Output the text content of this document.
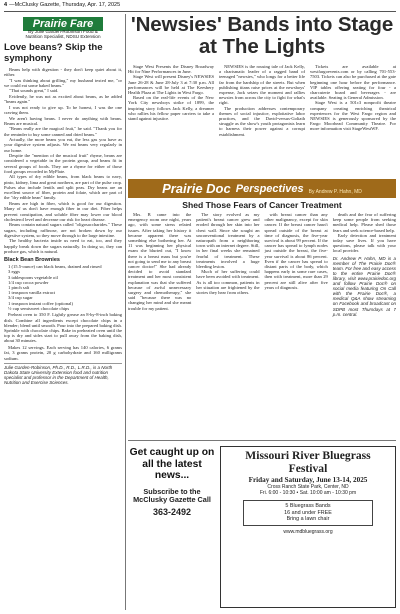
4 —McClusky Gazette, Thursday, Apr. 17, 2025
Prairie Fare
By Julie Garden-Robinson Food &
Nutrition Specialist, NDSU Extension
Love beans? Skip the symphony

Beans help with digestion - they don't keep quiet about it, either.

"I was thinking about grilling," my husband texted me, "or we could eat some baked beans."

"That sounds great," I said.

Evidently, he was not as excited about beans, as he added "beans again."

I was not ready to give up. To be honest, I was the one craving them.

We aren't having beans. I never do anything with beans. Beans are musical.

"Beans really are the magical fruit," he said. "Thank you for the reminder to buy some canned and dried beans."

Actually, the more beans you eat, the less gas you have as your digestive system adjusts. We eat beans very regularly in our home.

Despite the "mention of the musical fruit" rhyme, beans are considered a vegetable in the protein group, and beans fit in several groups of foods. They are a rhyme for either of those food groups recorded in MyPlate.

All types of dry edible beans, from black beans to navy, pinto, kidney, lima and great northern, are part of the pulse crop. Pulses also include lentils and split peas. Dry beans are an excellent source of fiber, protein and folate, which are part of the "dry edible bean" family.

Beans are high in fiber, which is good for our digestion. Many of us don't have enough fiber in our diet. Fiber helps prevent constipation, and soluble fiber may lower our blood cholesterol level and decrease our risk for heart disease.

Beans contain natural sugars called "oligosaccharides." These sugars, including raffinose, are not broken down by our digestive system, so they move through to the large intestine.

The healthy bacteria inside us need to eat, too, and they happily break down the sugars naturally. In doing so, they can produce gas, which is natural.

Black Bean Brownies
1 (15.5-ounce) can black beans, drained and rinsed
3 eggs
3 tablespoons vegetable oil
1/4 cup cocoa powder
1 pinch salt
1 teaspoon vanilla extract
3/4 cup sugar
1 teaspoon instant coffee (optional)
½ cup semisweet chocolate chips
Preheat oven to 350 F. Lightly grease an 8-by-8-inch baking dish. Combine all ingredients except chocolate chips in a blender; blend until smooth. Pour into the prepared baking dish. Sprinkle with chocolate chips. Bake in preheated oven until the top is dry and sides start to pull away from the baking dish, about 30 minutes.
Makes 12 servings. Each serving has 140 calories, 6 grams fat, 3 grams protein, 20 g carbohydrate and 160 milligrams sodium.
Julie Garden-Robinson, Ph.D., R.D., L.R.D., is a North Dakota State University Extension food and nutrition specialist and professor in the Department of Health, Nutrition and Exercise Sciences.
'Newsies' Bands into Stage at The Lights

Stage West Presents the Disney Broadway Hit for Nine Performances in June.

Stage West will present Disney's NEWSIES June 26-28 & June 28-July 3 at 7:30 p.m. All performances will be held at The Keesbery Health Plaza at The Lights in West Fargo.

Based on the real-life events of the New York City newsboys strike of 1899, the inspiring story follows Jack Kelly, a dreamer who rallies his fellow paper carriers to take a stand against injustice.

NEWSIES is the rousing tale of Jack Kelly, a charismatic leader of a ragged band of teenaged "newsies," who longs for a better life far from the hardship of the streets. But when publishing titans raise prices at the newsboys' expense, Jack seizes the moment and rallies newsies from across the city to fight for what's right.

The production addresses contemporary themes of social injustice, exploitative labor practices, and the David-versus-Goliath struggle as the show's youth protagonists learn to harness their power against a corrupt establishment.

Tickets are available at westfargoevents.com or by calling 701-553-7503. Tickets can also be purchased at the gate beginning one hour before the performance. VIP tables offering seating for four - a charcuterie board and beverages - are available. Seating is General Admission.

Stage West is a 501c3 nonprofit theatre company creating enriching theatrical experiences for the West Fargo region and NEWSIES is generously sponsored by the Fargo Moorhead Community Theatre. For more information visit StageWestWF.

Prairie Doc Perspectives By Andrew P. Hahn, MD
Shed Those Fears of Cancer Treatment

Mrs. B came into the emergency room one night, years ago, with some stress related issues. After taking her history it became apparent there was something else bothering her. At 11 was beginning her physical exam she blurted out, "I know there is a breast mass but you're not going to send me to any breast cancer doctor!" She had already decided to avoid standard treatment and her most consistent explanation was that she suffered because of awful unnecessary surgery and chemotherapy," she said "because there was no changing her mind and she meant trouble for my patient.

The story evolved as my patient's breast cancer grew and eroded through her skin into her chest wall. Since she sought an unconventional treatment by a naturopath from a neighboring town with an internet degree. Still, in her final weeks she remained fearful of treatment. These treatments involved a huge bleeding lesion.

Much of her suffering could have been avoided with treatment. As is all too common, patients in her situation are frightened by the stories they hear from others.

with breast cancer than any other malignancy, except for skin cancer. If the breast cancer hasn't spread outside of the breast at time of diagnosis, the five-year survival is about 99 percent. If the cancer has spread to lymph nodes just outside the breast, the five-year survival is about 86 percent. Even if the cancer has spread to distant parts of the body, which happens early in some rare cases, then with treatment, more than 29 percent are still alive after five years of diagnosis.

death and the fear of suffering keep some people from seeking medical help. Please shed those fears and seek science-based help.

Early detection and treatment today save lives. If you have questions, please talk with your local provider.

Dr. Andrew P. Hahn, MD is a member of The Prairie Doc® team. For free and easy access to the entire Prairie Doc® library, visit www.prairiedoc.org and follow Prairie Doc® on social media featuring On Call with the Prairie Doc®, a medical Q&A show streaming on Facebook and broadcast on SDPB most Thursdays at 7 p.m. central.
Get caught up on all the latest news...
Subscribe to the McClusky Gazette Call
363-2492
Missouri River Bluegrass Festival
Friday and Saturday, June 13-14, 2025
Cross Ranch State Park, Center, ND
Fri. 6:00 - 10:30 • Sat. 10:00 am - 10:30 pm
5 Bluegrass Bands
16 and under FREE
Bring a lawn chair
www.mdbluegrass.org
